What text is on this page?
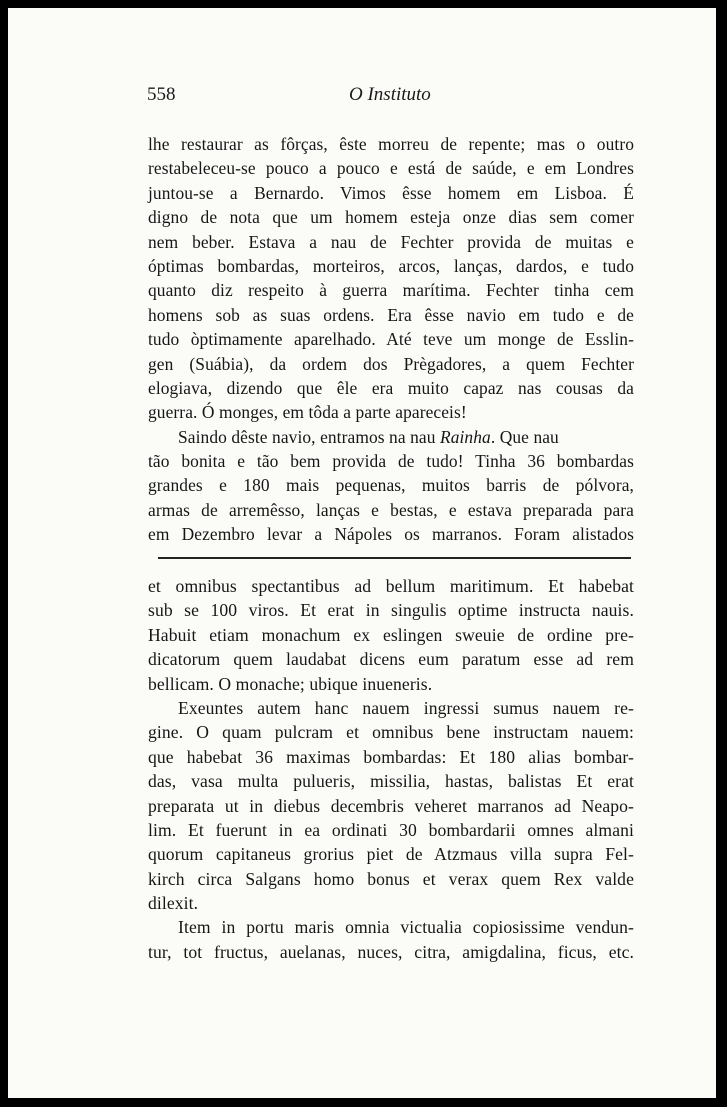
558	O Instituto
lhe restaurar as fôrças, êste morreu de repente; mas o outro
restabeleceu-se pouco a pouco e está de saúde, e em Londres
juntou-se a Bernardo. Vimos êsse homem em Lisboa. É
digno de nota que um homem esteja onze dias sem comer
nem beber. Estava a nau de Fechter provida de muitas e
óptimas bombardas, morteiros, arcos, lanças, dardos, e tudo
quanto diz respeito à guerra marítima. Fechter tinha cem
homens sob as suas ordens. Era êsse navio em tudo e de
tudo òptimamente aparelhado. Até teve um monge de Esslin-
gen (Suábia), da ordem dos Prègadores, a quem Fechter
elogiava, dizendo que êle era muito capaz nas cousas da
guerra. Ó monges, em tôda a parte apareceis!
Saindo dêste navio, entramos na nau Rainha. Que nau
tão bonita e tão bem provida de tudo! Tinha 36 bombardas
grandes e 180 mais pequenas, muitos barris de pólvora,
armas de arremêsso, lanças e bestas, e estava preparada para
em Dezembro levar a Nápoles os marranos. Foram alistados
et omnibus spectantibus ad bellum maritimum. Et habebat
sub se 100 viros. Et erat in singulis optime instructa nauis.
Habuit etiam monachum ex eslingen sweuie de ordine pre-
dicatorum quem laudabat dicens eum paratum esse ad rem
bellicam. O monache; ubique inueneris.
Exeuntes autem hanc nauem ingressi sumus nauem re-
gine. O quam pulcram et omnibus bene instructam nauem:
que habebat 36 maximas bombardas: Et 180 alias bombar-
das, vasa multa pulueris, missilia, hastas, balistas Et erat
preparata ut in diebus decembris veheret marranos ad Neapo-
lim. Et fuerunt in ea ordinati 30 bombardarii omnes almani
quorum capitaneus grorius piet de Atzmaus villa supra Fel-
kirch circa Salgans homo bonus et verax quem Rex valde
dilexit.
Item in portu maris omnia victualia copiosissime vendun-
tur, tot fructus, auelanas, nuces, citra, amigdalina, ficus, etc.
